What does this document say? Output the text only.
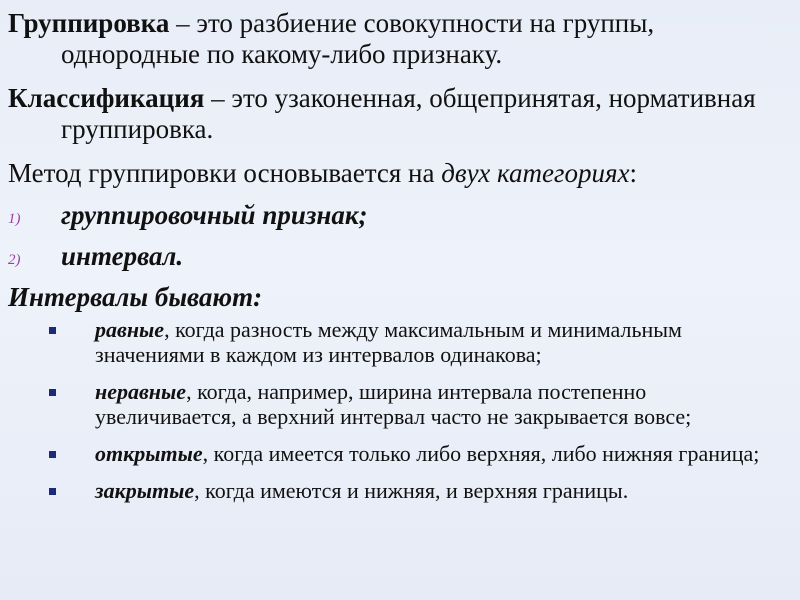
Группировка – это разбиение совокупности на группы, однородные по какому-либо признаку.

Классификация – это узаконенная, общепринятая, нормативная группировка.

Метод группировки основывается на двух категориях:

1) группировочный признак;
2) интервал.
Интервалы бывают:
равные, когда разность между максимальным и минимальным значениями в каждом из интервалов одинакова;
неравные, когда, например, ширина интервала постепенно увеличивается, а верхний интервал часто не закрывается вовсе;
открытые, когда имеется только либо верхняя, либо нижняя граница;
закрытые, когда имеются и нижняя, и верхняя границы.
